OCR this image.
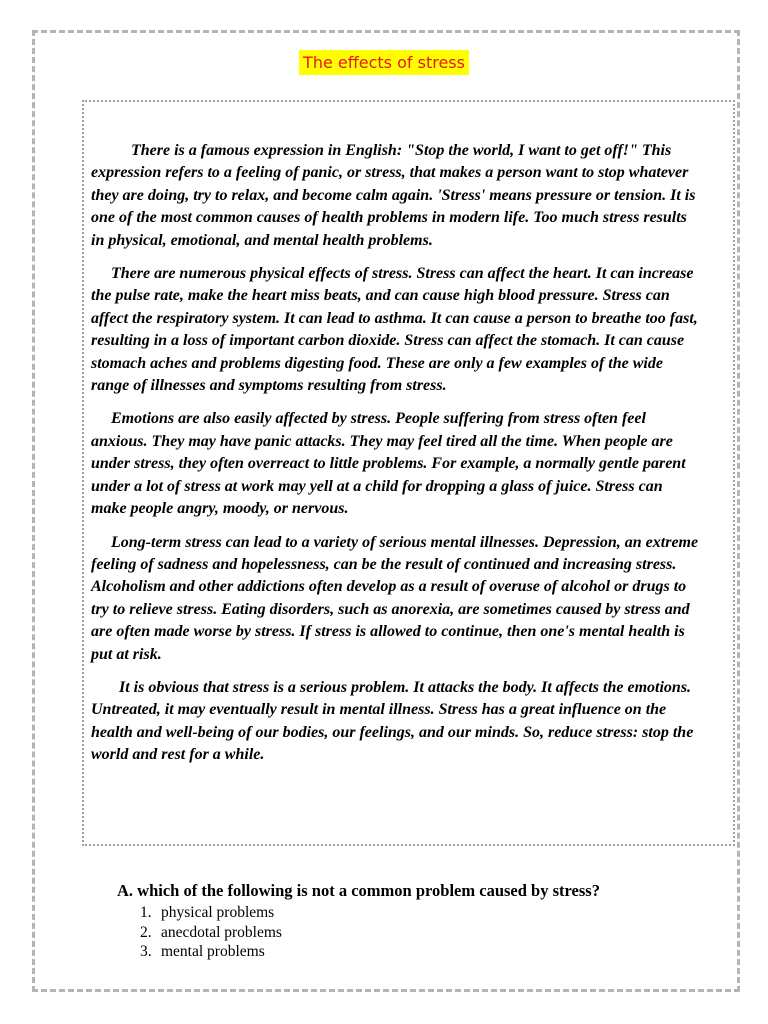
The effects of stress

There is a famous expression in English: "Stop the world, I want to get off!" This expression refers to a feeling of panic, or stress, that makes a person want to stop whatever they are doing, try to relax, and become calm again. 'Stress' means pressure or tension. It is one of the most common causes of health problems in modern life. Too much stress results in physical, emotional, and mental health problems.

There are numerous physical effects of stress. Stress can affect the heart. It can increase the pulse rate, make the heart miss beats, and can cause high blood pressure. Stress can affect the respiratory system. It can lead to asthma. It can cause a person to breathe too fast, resulting in a loss of important carbon dioxide. Stress can affect the stomach. It can cause stomach aches and problems digesting food. These are only a few examples of the wide range of illnesses and symptoms resulting from stress.

Emotions are also easily affected by stress. People suffering from stress often feel anxious. They may have panic attacks. They may feel tired all the time. When people are under stress, they often overreact to little problems. For example, a normally gentle parent under a lot of stress at work may yell at a child for dropping a glass of juice. Stress can make people angry, moody, or nervous.

Long-term stress can lead to a variety of serious mental illnesses. Depression, an extreme feeling of sadness and hopelessness, can be the result of continued and increasing stress. Alcoholism and other addictions often develop as a result of overuse of alcohol or drugs to try to relieve stress. Eating disorders, such as anorexia, are sometimes caused by stress and are often made worse by stress. If stress is allowed to continue, then one's mental health is put at risk.

It is obvious that stress is a serious problem. It attacks the body. It affects the emotions. Untreated, it may eventually result in mental illness. Stress has a great influence on the health and well-being of our bodies, our feelings, and our minds. So, reduce stress: stop the world and rest for a while.

A. which of the following is not a common problem caused by stress?
1. physical problems
2. anecdotal problems
3. mental problems
